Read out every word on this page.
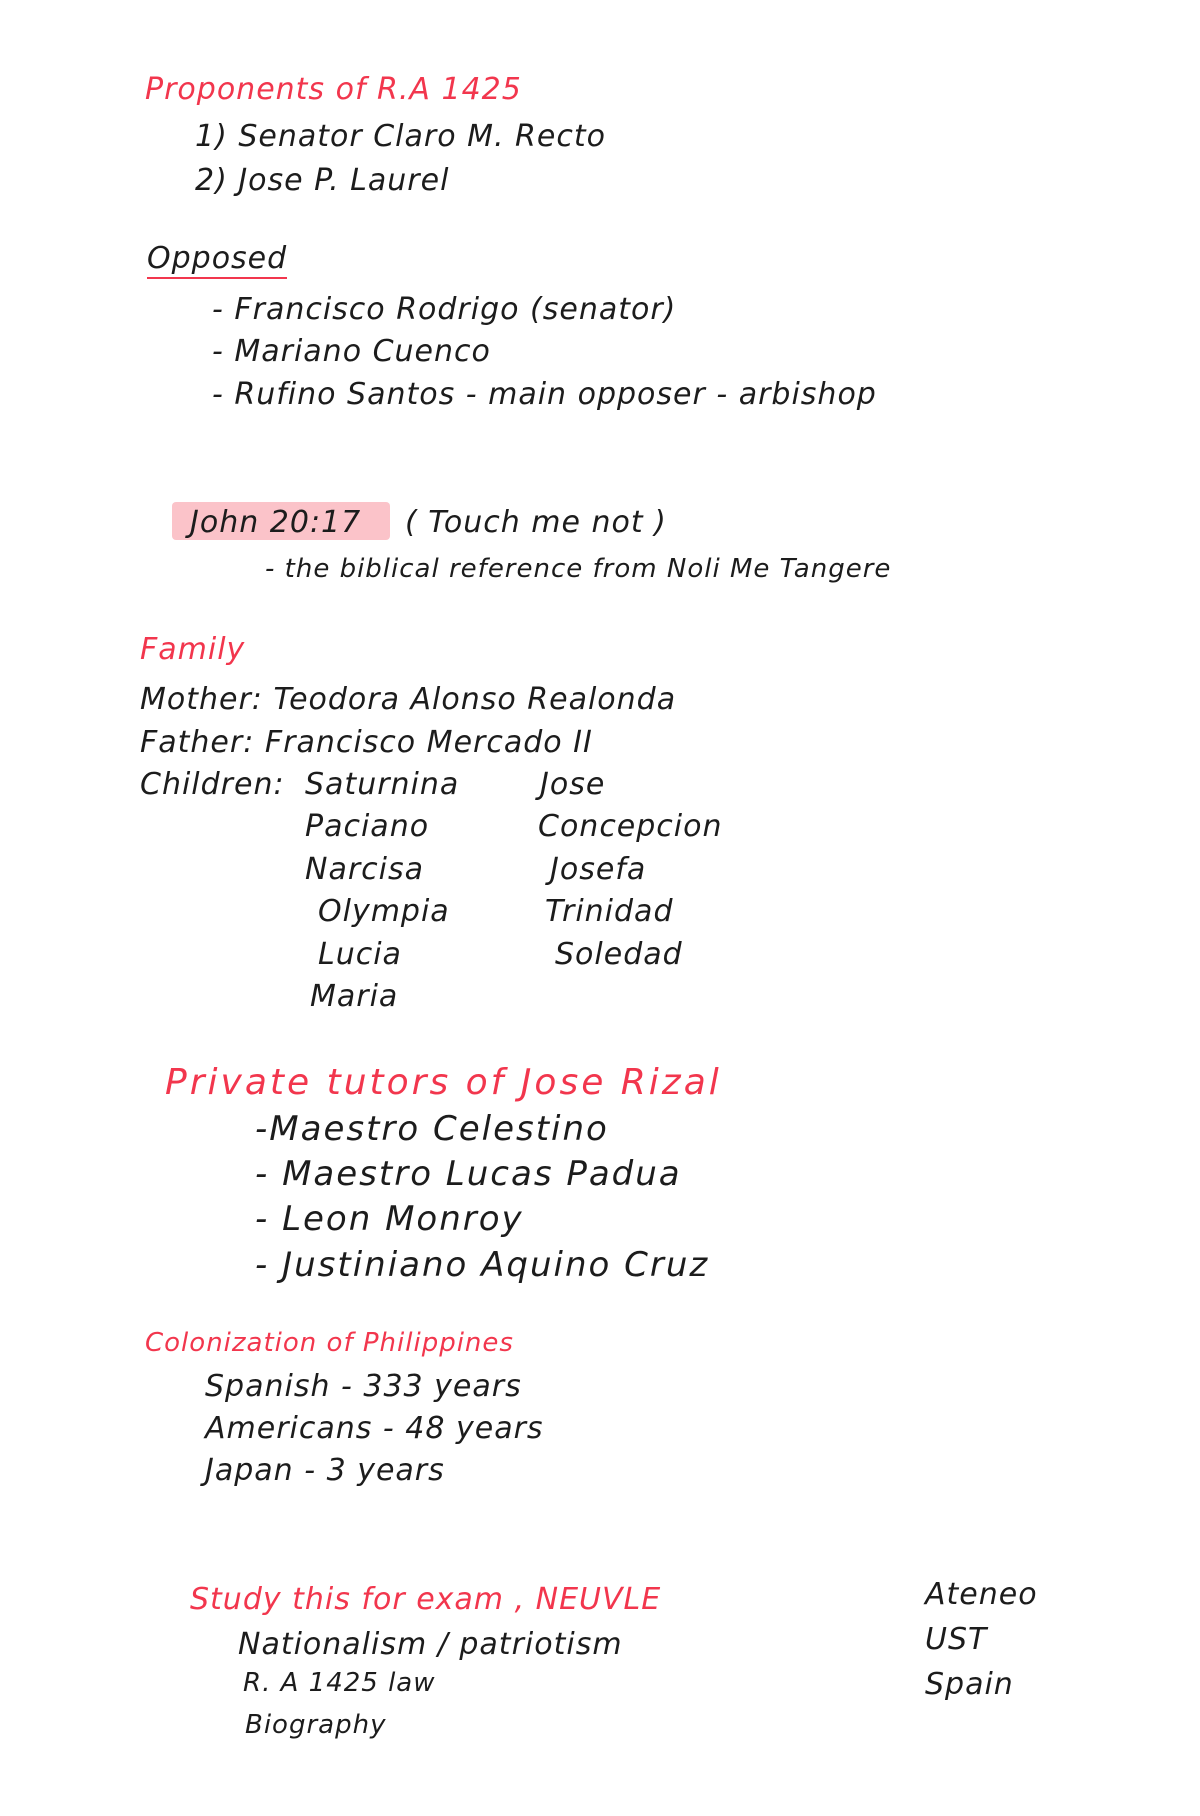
Proponents of R.A 1425
1) Senator Claro M. Recto
2) Jose P. Laurel
Opposed
- Francisco Rodrigo (senator)
- Mariano Cuenco
- Rufino Santos - main opposer - arbishop
John 20:17 ( Touch me not )
- the biblical reference from Noli Me Tangere
Family
Mother: Teodora Alonso Realonda
Father: Francisco Mercado II
Children: Saturnina
Paciano
Narcisa
Olympia
Lucia
Maria
Jose
Concepcion
Josefa
Trinidad
Soledad
Private tutors of Jose Rizal
-Maestro Celestino
- Maestro Lucas Padua
- Leon Monroy
- Justiniano Aquino Cruz
Colonization of Philippines
Spanish - 333 years
Americans - 48 years
Japan - 3 years
Study this for exam , NEUVLE
Nationalism / patriotism
R. A 1425 law
Biography
Ateneo
UST
Spain
